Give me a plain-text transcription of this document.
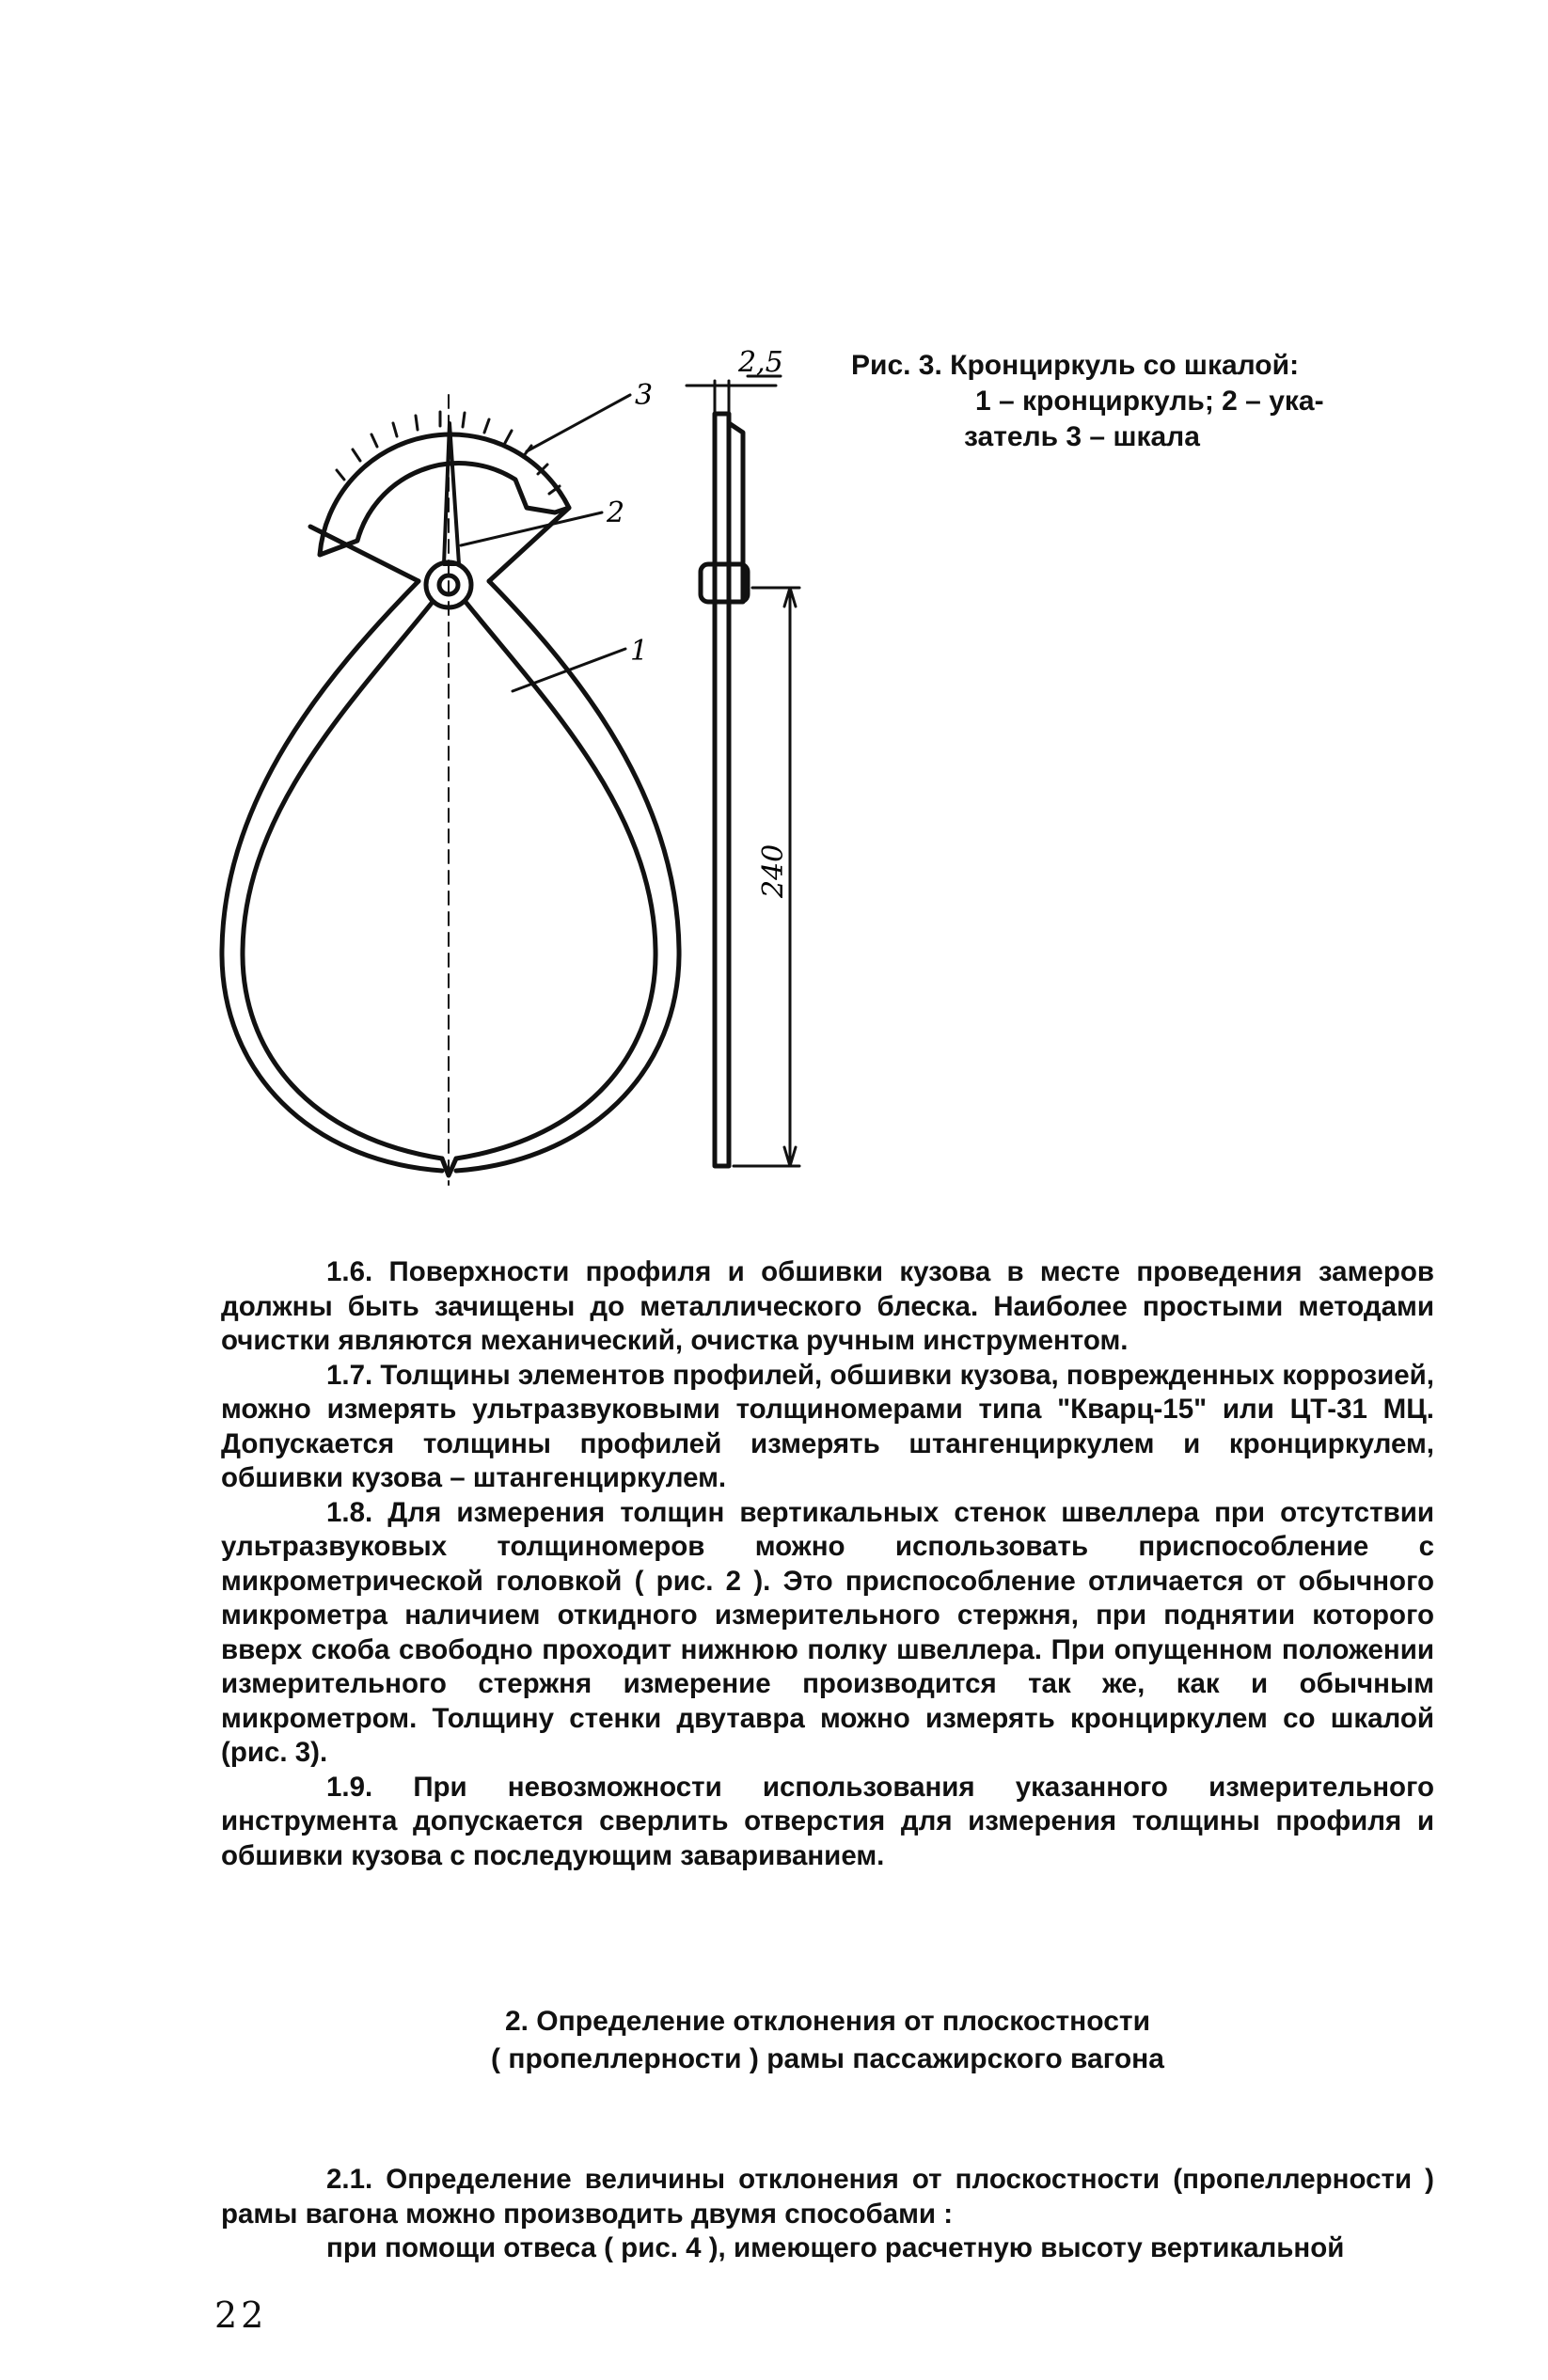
3
2
1
2,5
240
Рис. 3. Кронциркуль со шкалой:
1 – кронциркуль; 2 – ука-
затель 3 – шкала

1.6. Поверхности профиля и обшивки кузова в месте проведения замеров должны быть зачищены до металлического блеска. Наиболее простыми методами очистки являются механический, очистка ручным инструментом.

1.7. Толщины элементов профилей, обшивки кузова, поврежденных коррозией, можно измерять ультразвуковыми толщиномерами типа "Кварц-15" или ЦТ-31 МЦ. Допускается толщины профилей измерять штангенциркулем и кронциркулем, обшивки кузова – штангенциркулем.

1.8. Для измерения толщин вертикальных стенок швеллера при отсутствии ультразвуковых толщиномеров можно использовать приспособление с микрометрической головкой ( рис. 2 ). Это приспособление отличается от обычного микрометра наличием откидного измерительного стержня, при поднятии которого вверх скоба свободно проходит нижнюю полку швеллера. При опущенном положении измерительного стержня измерение производится так же, как и обычным микрометром. Толщину стенки двутавра можно измерять кронциркулем со шкалой (рис. 3).

1.9. При невозможности использования указанного измерительного инструмента допускается сверлить отверстия для измерения толщины профиля и обшивки кузова с последующим завариванием.

2. Определение отклонения от плоскостности
( пропеллерности ) рамы пассажирского вагона

2.1. Определение величины отклонения от плоскостности (пропеллерности ) рамы вагона можно производить двумя способами :

при помощи отвеса ( рис. 4 ), имеющего расчетную высоту вертикальной

22
